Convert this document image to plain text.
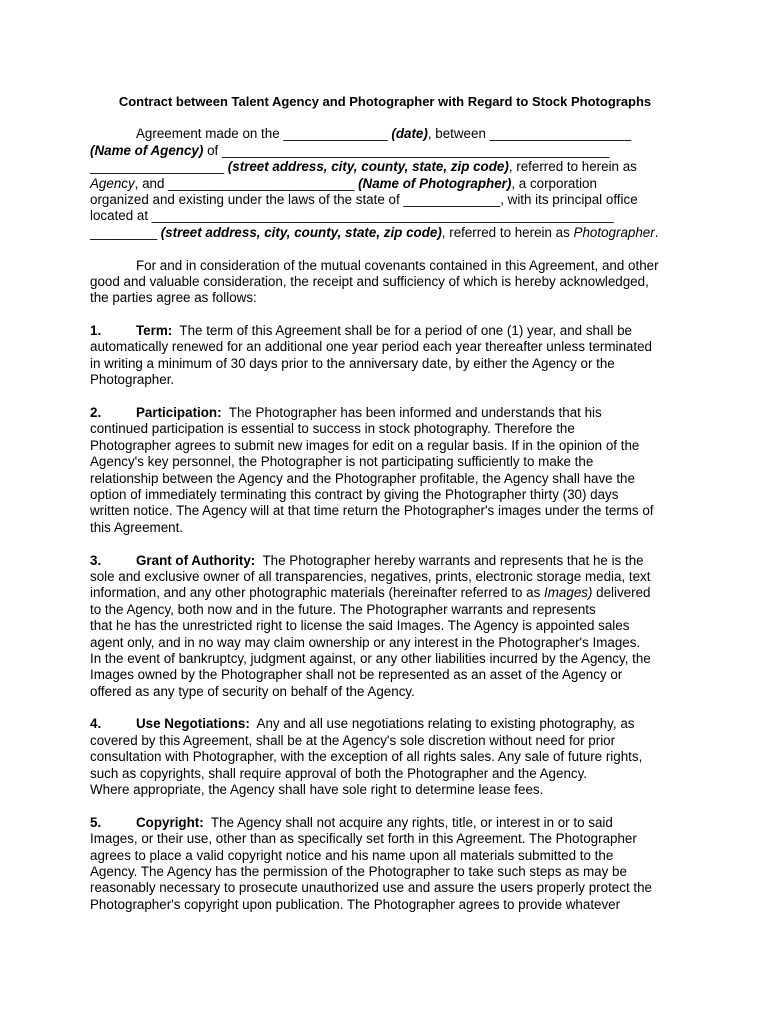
Contract between Talent Agency and Photographer with Regard to Stock Photographs
Agreement made on the ______________ (date), between ___________________
(Name of Agency) of ____________________________________________________
__________________ (street address, city, county, state, zip code), referred to herein as
Agency, and _________________________ (Name of Photographer), a corporation
organized and existing under the laws of the state of _____________, with its principal office
located at ______________________________________________________________
_________ (street address, city, county, state, zip code), referred to herein as Photographer.
For and in consideration of the mutual covenants contained in this Agreement, and other
good and valuable consideration, the receipt and sufficiency of which is hereby acknowledged,
the parties agree as follows:
1.	Term: The term of this Agreement shall be for a period of one (1) year, and shall be
automatically renewed for an additional one year period each year thereafter unless terminated
in writing a minimum of 30 days prior to the anniversary date, by either the Agency or the
Photographer.
2.	Participation: The Photographer has been informed and understands that his
continued participation is essential to success in stock photography. Therefore the
Photographer agrees to submit new images for edit on a regular basis. If in the opinion of the
Agency's key personnel, the Photographer is not participating sufficiently to make the
relationship between the Agency and the Photographer profitable, the Agency shall have the
option of immediately terminating this contract by giving the Photographer thirty (30) days
written notice. The Agency will at that time return the Photographer's images under the terms of
this Agreement.
3.	Grant of Authority: The Photographer hereby warrants and represents that he is the
sole and exclusive owner of all transparencies, negatives, prints, electronic storage media, text
information, and any other photographic materials (hereinafter referred to as Images) delivered
to the Agency, both now and in the future. The Photographer warrants and represents
that he has the unrestricted right to license the said Images. The Agency is appointed sales
agent only, and in no way may claim ownership or any interest in the Photographer's Images.
In the event of bankruptcy, judgment against, or any other liabilities incurred by the Agency, the
Images owned by the Photographer shall not be represented as an asset of the Agency or
offered as any type of security on behalf of the Agency.
4.	Use Negotiations: Any and all use negotiations relating to existing photography, as
covered by this Agreement, shall be at the Agency's sole discretion without need for prior
consultation with Photographer, with the exception of all rights sales. Any sale of future rights,
such as copyrights, shall require approval of both the Photographer and the Agency.
Where appropriate, the Agency shall have sole right to determine lease fees.
5.	Copyright: The Agency shall not acquire any rights, title, or interest in or to said
Images, or their use, other than as specifically set forth in this Agreement. The Photographer
agrees to place a valid copyright notice and his name upon all materials submitted to the
Agency. The Agency has the permission of the Photographer to take such steps as may be
reasonably necessary to prosecute unauthorized use and assure the users properly protect the
Photographer's copyright upon publication. The Photographer agrees to provide whatever
